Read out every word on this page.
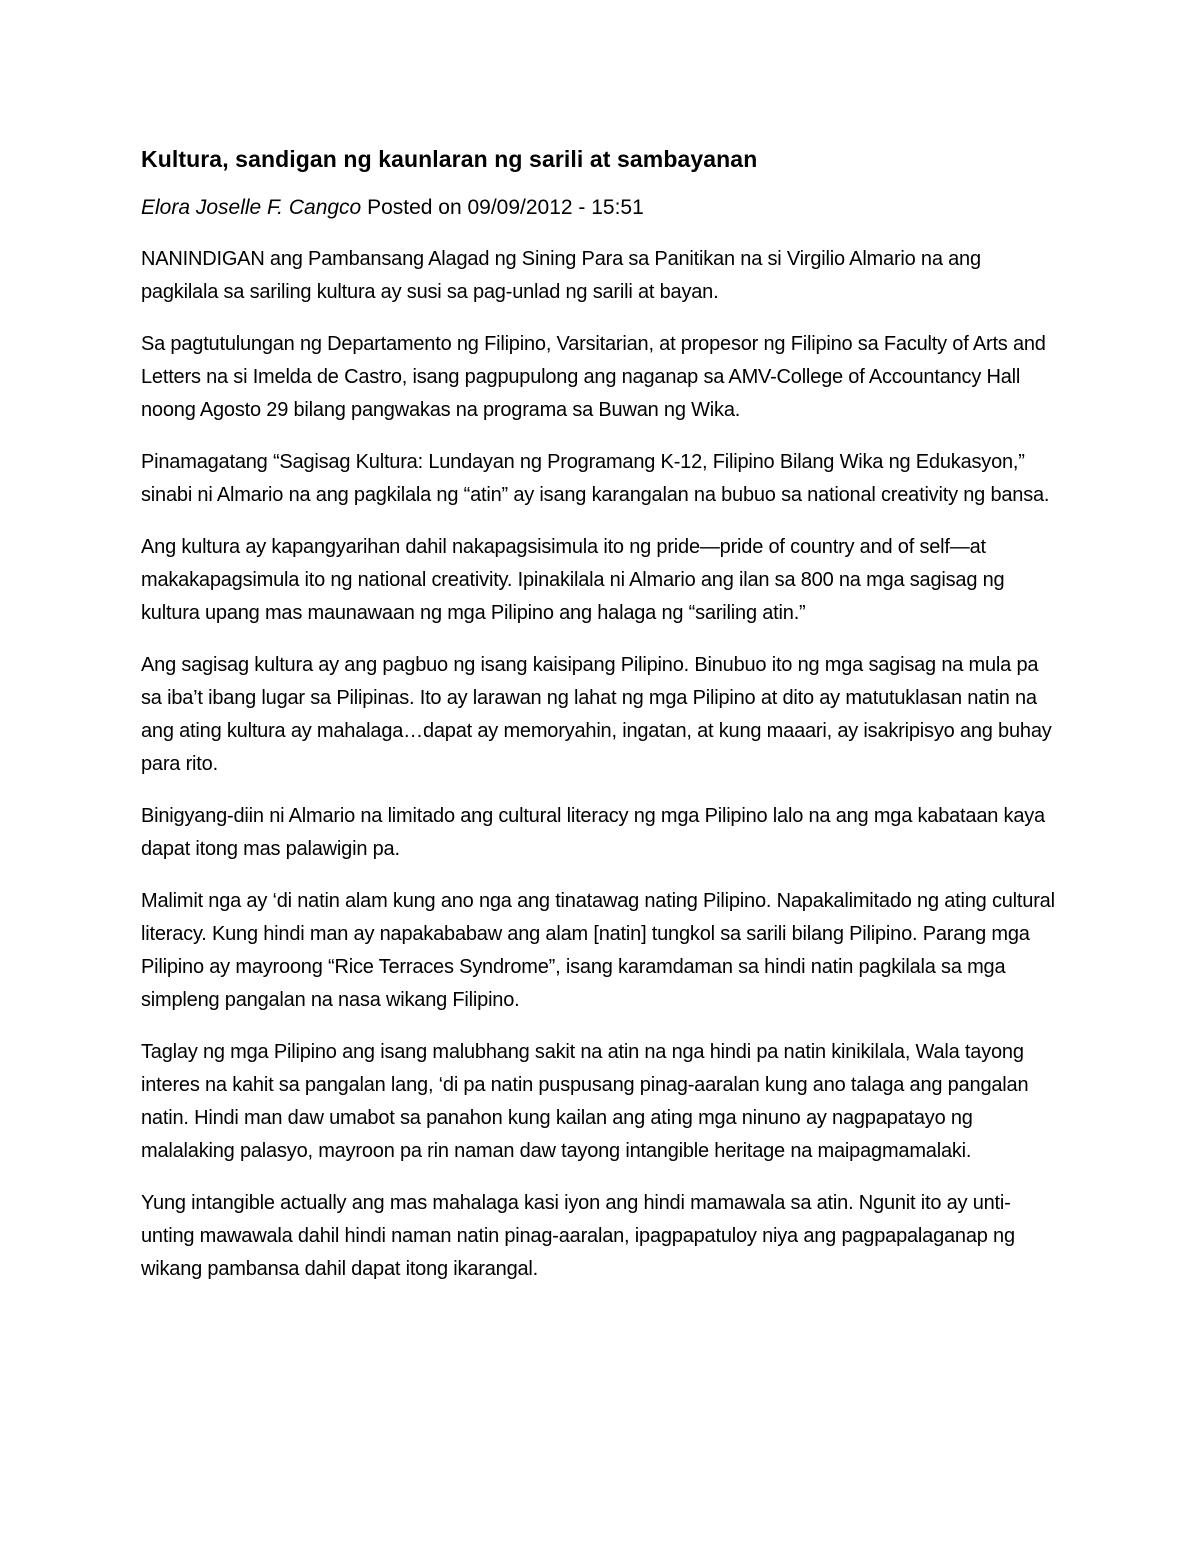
Kultura, sandigan ng kaunlaran ng sarili at sambayanan
Elora Joselle F. Cangco Posted on 09/09/2012 - 15:51
NANINDIGAN ang Pambansang Alagad ng Sining Para sa Panitikan na si Virgilio Almario na ang pagkilala sa sariling kultura ay susi sa pag-unlad ng sarili at bayan.
Sa pagtutulungan ng Departamento ng Filipino, Varsitarian, at propesor ng Filipino sa Faculty of Arts and Letters na si Imelda de Castro, isang pagpupulong ang naganap sa AMV-College of Accountancy Hall noong Agosto 29 bilang pangwakas na programa sa Buwan ng Wika.
Pinamagatang “Sagisag Kultura: Lundayan ng Programang K-12, Filipino Bilang Wika ng Edukasyon,” sinabi ni Almario na ang pagkilala ng “atin” ay isang karangalan na bubuo sa national creativity ng bansa.
Ang kultura ay kapangyarihan dahil nakapagsisimula ito ng pride—pride of country and of self—at makakapagsimula ito ng national creativity. Ipinakilala ni Almario ang ilan sa 800 na mga sagisag ng kultura upang mas maunawaan ng mga Pilipino ang halaga ng “sariling atin.”
Ang sagisag kultura ay ang pagbuo ng isang kaisipang Pilipino. Binubuo ito ng mga sagisag na mula pa sa iba’t ibang lugar sa Pilipinas. Ito ay larawan ng lahat ng mga Pilipino at dito ay matutuklasan natin na ang ating kultura ay mahalaga…dapat ay memoryahin, ingatan, at kung maaari, ay isakripisyo ang buhay para rito.
Binigyang-diin ni Almario na limitado ang cultural literacy ng mga Pilipino lalo na ang mga kabataan kaya dapat itong mas palawigin pa.
Malimit nga ay ‘di natin alam kung ano nga ang tinatawag nating Pilipino. Napakalimitado ng ating cultural literacy. Kung hindi man ay napakababaw ang alam [natin] tungkol sa sarili bilang Pilipino. Parang mga Pilipino ay mayroong “Rice Terraces Syndrome”, isang karamdaman sa hindi natin pagkilala sa mga simpleng pangalan na nasa wikang Filipino.
Taglay ng mga Pilipino ang isang malubhang sakit na atin na nga hindi pa natin kinikilala, Wala tayong interes na kahit sa pangalan lang, ‘di pa natin puspusang pinag-aaralan kung ano talaga ang pangalan natin. Hindi man daw umabot sa panahon kung kailan ang ating mga ninuno ay nagpapatayo ng malalaking palasyo, mayroon pa rin naman daw tayong intangible heritage na maipagmamalaki.
Yung intangible actually ang mas mahalaga kasi iyon ang hindi mamawala sa atin. Ngunit ito ay unti-unting mawawala dahil hindi naman natin pinag-aaralan, ipagpapatuloy niya ang pagpapalaganap ng wikang pambansa dahil dapat itong ikarangal.
